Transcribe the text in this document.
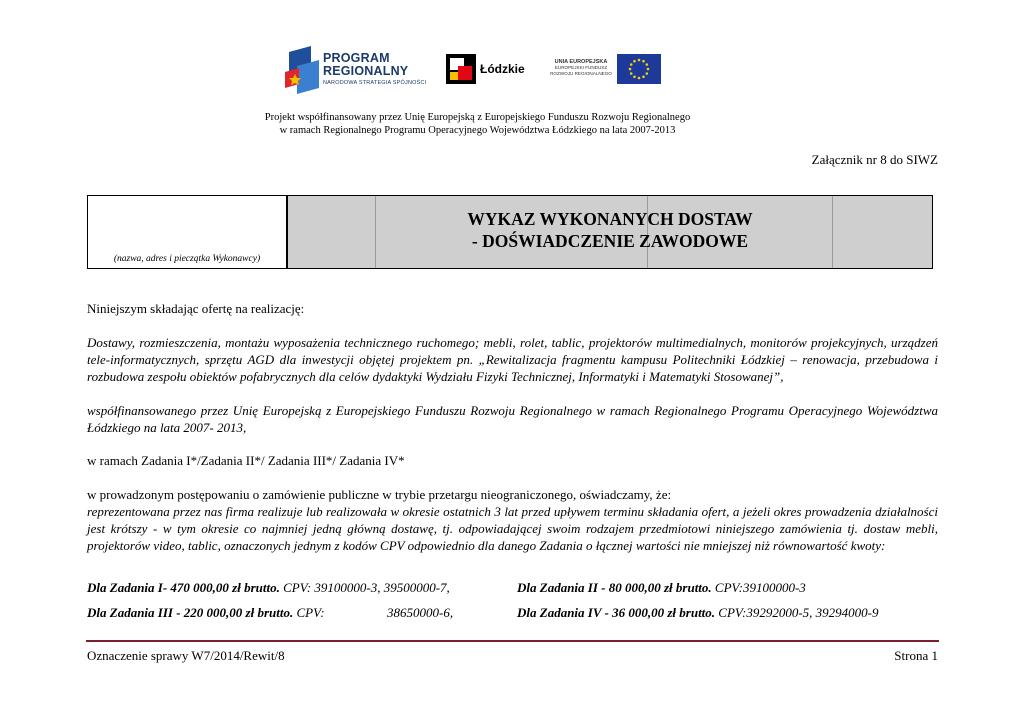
PROGRAM
REGIONALNY
NARODOWA STRATEGIA SPÓJNOŚCI
Łódzkie	UNIA EUROPEJSKA
EUROPEJSKI FUNDUSZ
ROZWOJU REGIONALNEGO
Projekt współfinansowany przez Unię Europejską z Europejskiego Funduszu Rozwoju Regionalnego
w ramach Regionalnego Programu Operacyjnego Województwa Łódzkiego na lata 2007-2013
Załącznik nr 8 do SIWZ
(nazwa, adres i pieczątka Wykonawcy)
WYKAZ WYKONANYCH DOSTAW
- DOŚWIADCZENIE ZAWODOWE
Niniejszym składając ofertę na realizację:
Dostawy, rozmieszczenia, montażu wyposażenia technicznego ruchomego; mebli, rolet, tablic, projektorów multimedialnych, monitorów projekcyjnych, urządzeń tele-informatycznych, sprzętu AGD dla inwestycji objętej projektem pn. „Rewitalizacja fragmentu kampusu Politechniki Łódzkiej – renowacja, przebudowa i rozbudowa zespołu obiektów pofabrycznych dla celów dydaktyki Wydziału Fizyki Technicznej, Informatyki i Matematyki Stosowanej”,
współfinansowanego przez Unię Europejską z Europejskiego Funduszu Rozwoju Regionalnego w ramach Regionalnego Programu Operacyjnego Województwa Łódzkiego na lata 2007- 2013,
w ramach Zadania I*/Zadania II*/ Zadania III*/ Zadania IV*
w prowadzonym postępowaniu o zamówienie publiczne w trybie przetargu nieograniczonego, oświadczamy, że:
reprezentowana przez nas firma realizuje lub realizowała w okresie ostatnich 3 lat przed upływem terminu składania ofert, a jeżeli okres prowadzenia działalności jest krótszy - w tym okresie co najmniej jedną główną dostawę, tj. odpowiadającej swoim rodzajem przedmiotowi niniejszego zamówienia tj. dostaw mebli, projektorów video, tablic, oznaczonych jednym z kodów CPV odpowiednio dla danego Zadania o łącznej wartości nie mniejszej niż równowartość kwoty:
Dla Zadania I- 470 000,00 zł brutto. CPV: 39100000-3, 39500000-7,	Dla Zadania II - 80 000,00 zł brutto. CPV:39100000-3
Dla Zadania III - 220 000,00 zł brutto. CPV:	38650000-6,	Dla Zadania IV - 36 000,00 zł brutto. CPV:39292000-5, 39294000-9
Oznaczenie sprawy W7/2014/Rewit/8	Strona 1
